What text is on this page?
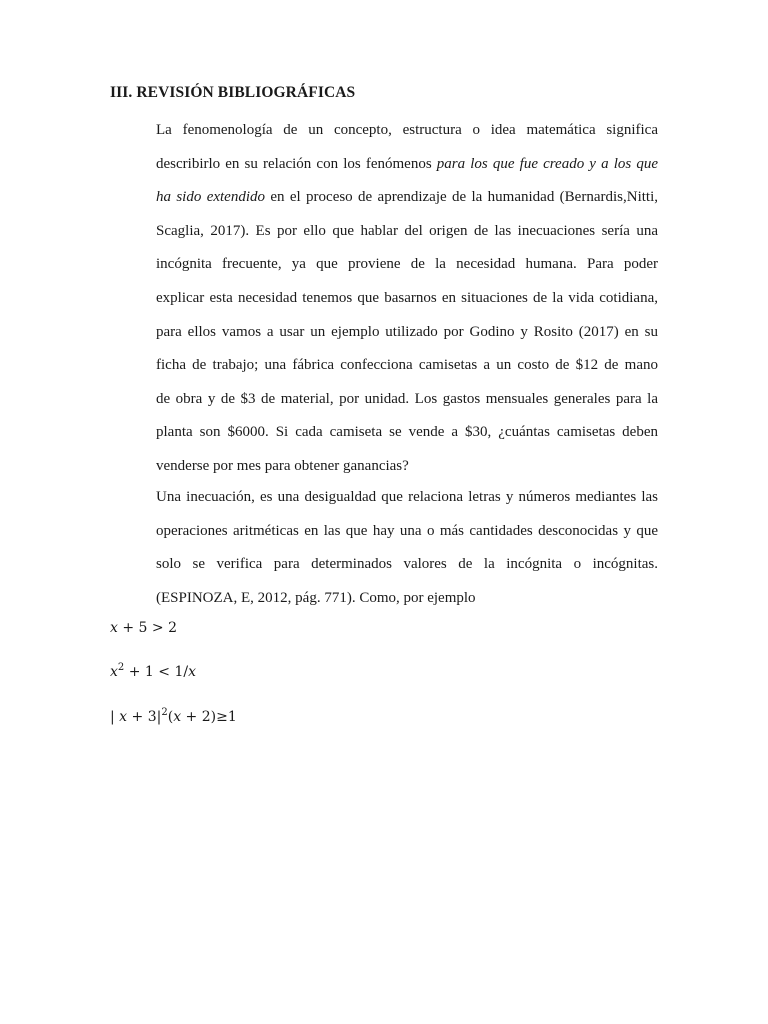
III. REVISIÓN BIBLIOGRÁFICAS
La fenomenología de un concepto, estructura o idea matemática significa
describirlo en su relación con los fenómenos para los que fue creado y a los que
ha sido extendido en el proceso de aprendizaje de la humanidad (Bernardis,Nitti,
Scaglia, 2017). Es por ello que hablar del origen de las inecuaciones sería una
incógnita frecuente, ya que proviene de la necesidad humana. Para poder
explicar esta necesidad tenemos que basarnos en situaciones de la vida cotidiana,
para ellos vamos a usar un ejemplo utilizado por Godino y Rosito (2017) en su
ficha de trabajo; una fábrica confecciona camisetas a un costo de $12 de mano
de obra y de $3 de material, por unidad. Los gastos mensuales generales para la
planta son $6000. Si cada camiseta se vende a $30, ¿cuántas camisetas deben
venderse por mes para obtener ganancias?
Una inecuación, es una desigualdad que relaciona letras y números mediantes las
operaciones aritméticas en las que hay una o más cantidades desconocidas y que
solo se verifica para determinados valores de la incógnita o incógnitas.
(ESPINOZA, E, 2012, pág. 771). Como, por ejemplo
x + 5 > 2
$x^2 + 1 < 1/x$
| $x + 3|^2(x + 2)\ge 1$
